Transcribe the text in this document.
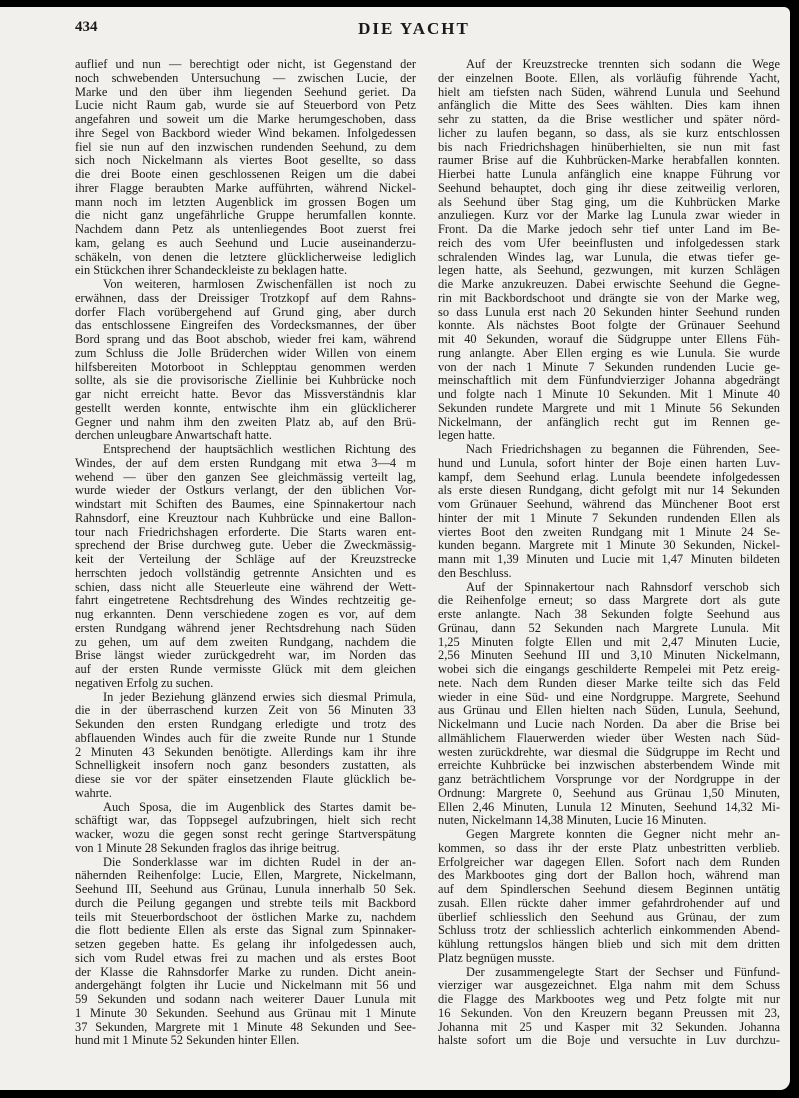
434	DIE YACHT
auflief und nun — berechtigt oder nicht, ist Gegenstand der
noch schwebenden Untersuchung — zwischen Lucie, der
Marke und den über ihm liegenden Seehund geriet. Da
Lucie nicht Raum gab, wurde sie auf Steuerbord von Petz
angefahren und soweit um die Marke herumgeschoben, dass
ihre Segel von Backbord wieder Wind bekamen. Infolgedessen
fiel sie nun auf den inzwischen rundenden Seehund, zu dem
sich noch Nickelmann als viertes Boot gesellte, so dass
die drei Boote einen geschlossenen Reigen um die dabei
ihrer Flagge beraubten Marke aufführten, während Nickel-
mann noch im letzten Augenblick im grossen Bogen um
die nicht ganz ungefährliche Gruppe herumfallen konnte.
Nachdem dann Petz als untenliegendes Boot zuerst frei
kam, gelang es auch Seehund und Lucie auseinanderzu-
schäkeln, von denen die letztere glücklicherweise lediglich
ein Stückchen ihrer Schandeckleiste zu beklagen hatte.
Von weiteren, harmlosen Zwischenfällen ist noch zu
erwähnen, dass der Dreissiger Trotzkopf auf dem Rahns-
dorfer Flach vorübergehend auf Grund ging, aber durch
das entschlossene Eingreifen des Vordecksmannes, der über
Bord sprang und das Boot abschob, wieder frei kam, während
zum Schluss die Jolle Brüderchen wider Willen von einem
hilfsbereiten Motorboot in Schlepptau genommen werden
sollte, als sie die provisorische Ziellinie bei Kuhbrücke noch
gar nicht erreicht hatte. Bevor das Missverständnis klar
gestellt werden konnte, entwischte ihm ein glücklicherer
Gegner und nahm ihm den zweiten Platz ab, auf den Brü-
derchen unleugbare Anwartschaft hatte.
Entsprechend der hauptsächlich westlichen Richtung des
Windes, der auf dem ersten Rundgang mit etwa 3—4 m
wehend — über den ganzen See gleichmässig verteilt lag,
wurde wieder der Ostkurs verlangt, der den üblichen Vor-
windstart mit Schiften des Baumes, eine Spinnakertour nach
Rahnsdorf, eine Kreuztour nach Kuhbrücke und eine Ballon-
tour nach Friedrichshagen erforderte. Die Starts waren ent-
sprechend der Brise durchweg gute. Ueber die Zweckmässig-
keit der Verteilung der Schläge auf der Kreuzstrecke
herrschten jedoch vollständig getrennte Ansichten und es
schien, dass nicht alle Steuerleute eine während der Wett-
fahrt eingetretene Rechtsdrehung des Windes rechtzeitig ge-
nug erkannten. Denn verschiedene zogen es vor, auf dem
ersten Rundgang während jener Rechtsdrehung nach Süden
zu gehen, um auf dem zweiten Rundgang, nachdem die
Brise längst wieder zurückgedreht war, im Norden das
auf der ersten Runde vermisste Glück mit dem gleichen
negativen Erfolg zu suchen.
In jeder Beziehung glänzend erwies sich diesmal Primula,
die in der überraschend kurzen Zeit von 56 Minuten 33
Sekunden den ersten Rundgang erledigte und trotz des
abflauenden Windes auch für die zweite Runde nur 1 Stunde
2 Minuten 43 Sekunden benötigte. Allerdings kam ihr ihre
Schnelligkeit insofern noch ganz besonders zustatten, als
diese sie vor der später einsetzenden Flaute glücklich be-
wahrte.
Auch Sposa, die im Augenblick des Startes damit be-
schäftigt war, das Toppsegel aufzubringen, hielt sich recht
wacker, wozu die gegen sonst recht geringe Startverspätung
von 1 Minute 28 Sekunden fraglos das ihrige beitrug.
Die Sonderklasse war im dichten Rudel in der an-
nähernden Reihenfolge: Lucie, Ellen, Margrete, Nickelmann,
Seehund III, Seehund aus Grünau, Lunula innerhalb 50 Sek.
durch die Peilung gegangen und strebte teils mit Backbord
teils mit Steuerbordschoot der östlichen Marke zu, nachdem
die flott bediente Ellen als erste das Signal zum Spinnaker-
setzen gegeben hatte. Es gelang ihr infolgedessen auch,
sich vom Rudel etwas frei zu machen und als erstes Boot
der Klasse die Rahnsdorfer Marke zu runden. Dicht anein-
andergehängt folgten ihr Lucie und Nickelmann mit 56 und
59 Sekunden und sodann nach weiterer Dauer Lunula mit
1 Minute 30 Sekunden. Seehund aus Grünau mit 1 Minute
37 Sekunden, Margrete mit 1 Minute 48 Sekunden und See-
hund mit 1 Minute 52 Sekunden hinter Ellen.
Auf der Kreuzstrecke trennten sich sodann die Wege
der einzelnen Boote. Ellen, als vorläufig führende Yacht,
hielt am tiefsten nach Süden, während Lunula und Seehund
anfänglich die Mitte des Sees wählten. Dies kam ihnen
sehr zu statten, da die Brise westlicher und später nörd-
licher zu laufen begann, so dass, als sie kurz entschlossen
bis nach Friedrichshagen hinüberhielten, sie nun mit fast
raumer Brise auf die Kuhbrücken-Marke herabfallen konnten.
Hierbei hatte Lunula anfänglich eine knappe Führung vor
Seehund behauptet, doch ging ihr diese zeitweilig verloren,
als Seehund über Stag ging, um die Kuhbrücken Marke
anzuliegen. Kurz vor der Marke lag Lunula zwar wieder in
Front. Da die Marke jedoch sehr tief unter Land im Be-
reich des vom Ufer beeinflusten und infolgedessen stark
schralenden Windes lag, war Lunula, die etwas tiefer ge-
legen hatte, als Seehund, gezwungen, mit kurzen Schlägen
die Marke anzukreuzen. Dabei erwischte Seehund die Gegne-
rin mit Backbordschoot und drängte sie von der Marke weg,
so dass Lunula erst nach 20 Sekunden hinter Seehund runden
konnte. Als nächstes Boot folgte der Grünauer Seehund
mit 40 Sekunden, worauf die Südgruppe unter Ellens Füh-
rung anlangte. Aber Ellen erging es wie Lunula. Sie wurde
von der nach 1 Minute 7 Sekunden rundenden Lucie ge-
meinschaftlich mit dem Fünfundvierziger Johanna abgedrängt
und folgte nach 1 Minute 10 Sekunden. Mit 1 Minute 40
Sekunden rundete Margrete und mit 1 Minute 56 Sekunden
Nickelmann, der anfänglich recht gut im Rennen ge-
legen hatte.
Nach Friedrichshagen zu begannen die Führenden, See-
hund und Lunula, sofort hinter der Boje einen harten Luv-
kampf, dem Seehund erlag. Lunula beendete infolgedessen
als erste diesen Rundgang, dicht gefolgt mit nur 14 Sekunden
vom Grünauer Seehund, während das Münchener Boot erst
hinter der mit 1 Minute 7 Sekunden rundenden Ellen als
viertes Boot den zweiten Rundgang mit 1 Minute 24 Se-
kunden begann. Margrete mit 1 Minute 30 Sekunden, Nickel-
mann mit 1,39 Minuten und Lucie mit 1,47 Minuten bildeten
den Beschluss.
Auf der Spinnakertour nach Rahnsdorf verschob sich
die Reihenfolge erneut; so dass Margrete dort als gute
erste anlangte. Nach 38 Sekunden folgte Seehund aus
Grünau, dann 52 Sekunden nach Margrete Lunula. Mit
1,25 Minuten folgte Ellen und mit 2,47 Minuten Lucie,
2,56 Minuten Seehund III und 3,10 Minuten Nickelmann,
wobei sich die eingangs geschilderte Rempelei mit Petz ereig-
nete. Nach dem Runden dieser Marke teilte sich das Feld
wieder in eine Süd- und eine Nordgruppe. Margrete, Seehund
aus Grünau und Ellen hielten nach Süden, Lunula, Seehund,
Nickelmann und Lucie nach Norden. Da aber die Brise bei
allmählichem Flauerwerden wieder über Westen nach Süd-
westen zurückdrehte, war diesmal die Südgruppe im Recht und
erreichte Kuhbrücke bei inzwischen absterbendem Winde mit
ganz beträchtlichem Vorsprunge vor der Nordgruppe in der
Ordnung: Margrete 0, Seehund aus Grünau 1,50 Minuten,
Ellen 2,46 Minuten, Lunula 12 Minuten, Seehund 14,32 Mi-
nuten, Nickelmann 14,38 Minuten, Lucie 16 Minuten.
Gegen Margrete konnten die Gegner nicht mehr an-
kommen, so dass ihr der erste Platz unbestritten verblieb.
Erfolgreicher war dagegen Ellen. Sofort nach dem Runden
des Markbootes ging dort der Ballon hoch, während man
auf dem Spindlerschen Seehund diesem Beginnen untätig
zusah. Ellen rückte daher immer gefahrdrohender auf und
überlief schliesslich den Seehund aus Grünau, der zum
Schluss trotz der schliesslich achterlich einkommenden Abend-
kühlung rettungslos hängen blieb und sich mit dem dritten
Platz begnügen musste.
Der zusammengelegte Start der Sechser und Fünfund-
vierziger war ausgezeichnet. Elga nahm mit dem Schuss
die Flagge des Markbootes weg und Petz folgte mit nur
16 Sekunden. Von den Kreuzern begann Preussen mit 23,
Johanna mit 25 und Kasper mit 32 Sekunden. Johanna
halste sofort um die Boje und versuchte in Luv durchzu-
